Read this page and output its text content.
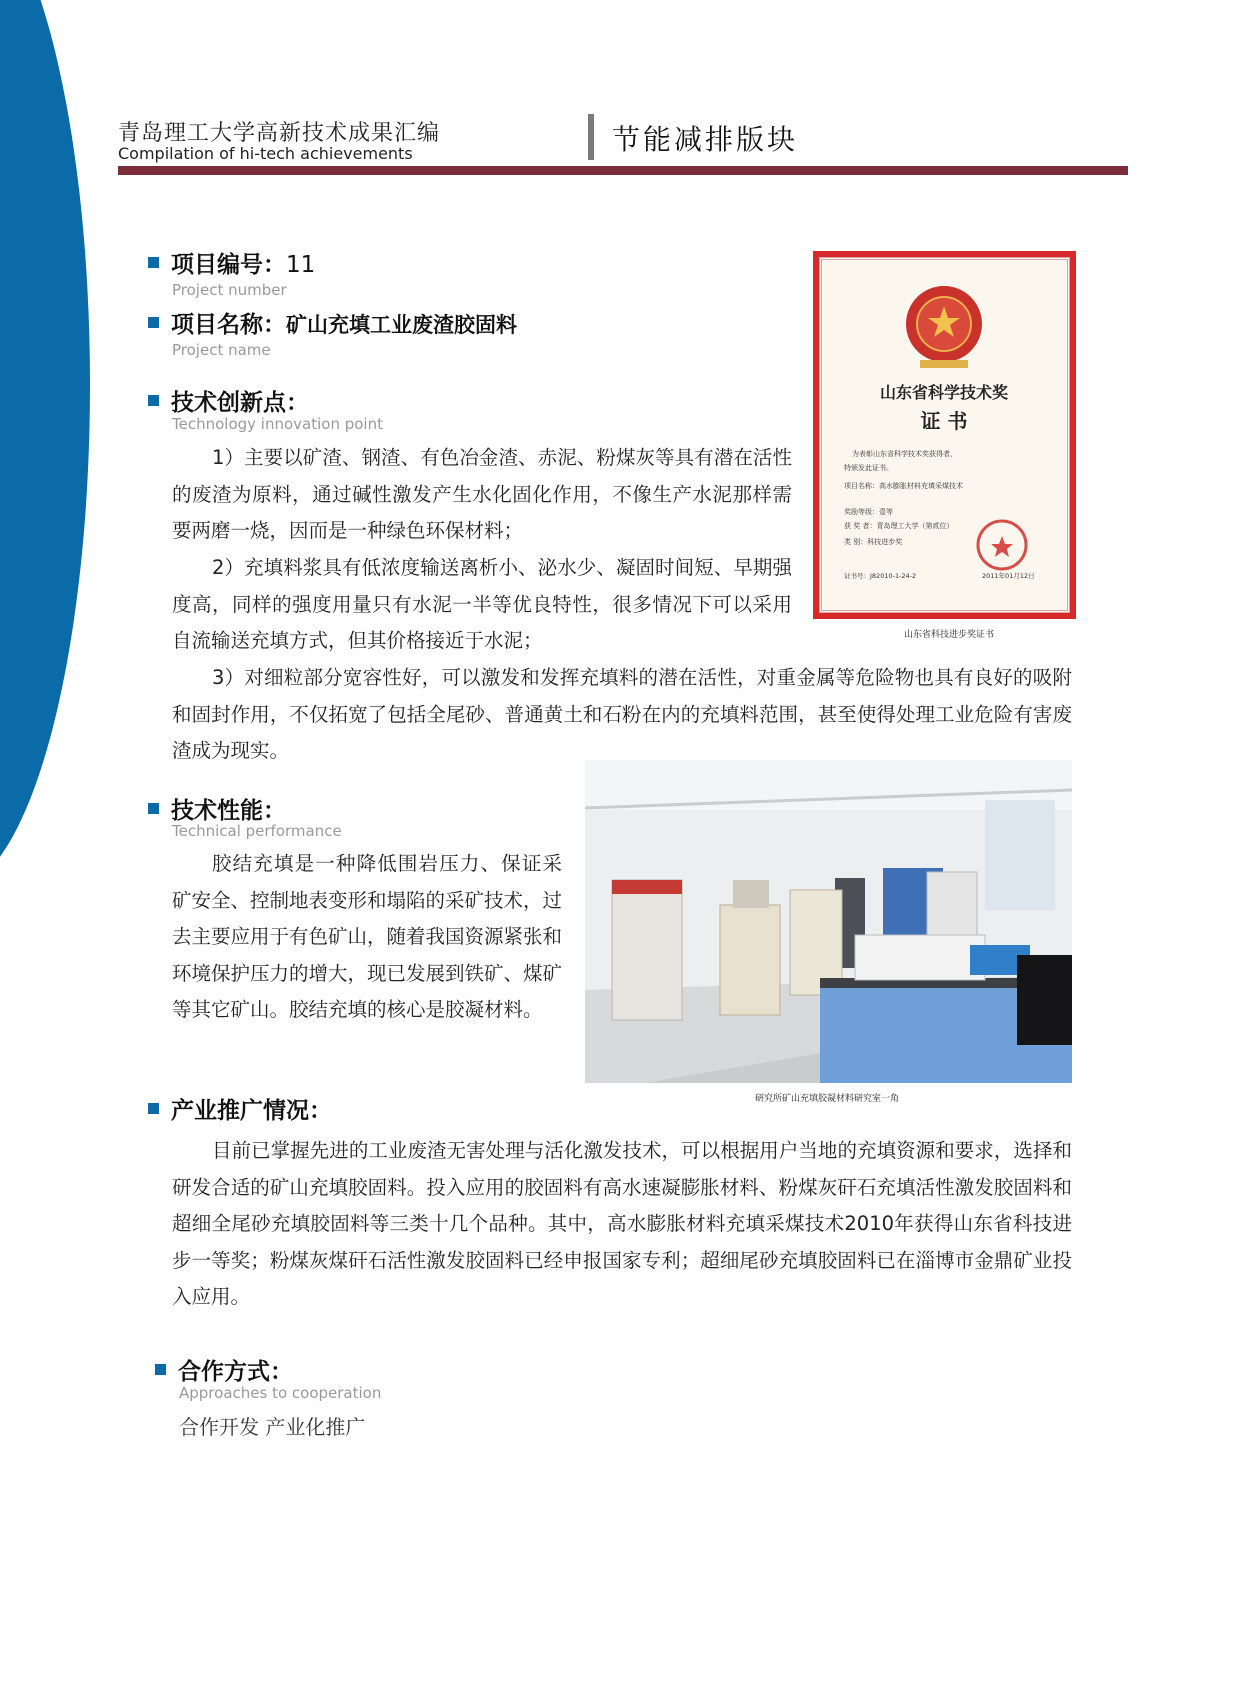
青岛理工大学高新技术成果汇编
Compilation of hi-tech achievements	节能减排版块
项目编号：11
Project number
项目名称：矿山充填工业废渣胶固料
Project name
技术创新点：
Technology innovation point

1）主要以矿渣、钢渣、有色冶金渣、赤泥、粉煤灰等具有潜在活性的废渣为原料，通过碱性激发产生水化固化作用，不像生产水泥那样需要两磨一烧，因而是一种绿色环保材料；

2）充填料浆具有低浓度输送离析小、泌水少、凝固时间短、早期强度高，同样的强度用量只有水泥一半等优良特性，很多情况下可以采用自流输送充填方式，但其价格接近于水泥；

3）对细粒部分宽容性好，可以激发和发挥充填料的潜在活性，对重金属等危险物也具有良好的吸附和固封作用，不仅拓宽了包括全尾砂、普通黄土和石粉在内的充填料范围，甚至使得处理工业危险有害废渣成为现实。

山东省科学技术奖
证 书
为表彰山东省科学技术奖获得者，
特颁发此证书。
项目名称：高水膨胀材料充填采煤技术
奖励等级：壹等
获 奖 者：青岛理工大学（第贰位）
类 别：科技进步奖
证书号：J82010-1-24-2	2011年01月12日
山东省科技进步奖证书
技术性能：
Technical performance

胶结充填是一种降低围岩压力、保证采矿安全、控制地表变形和塌陷的采矿技术，过去主要应用于有色矿山，随着我国资源紧张和环境保护压力的增大，现已发展到铁矿、煤矿等其它矿山。胶结充填的核心是胶凝材料。

研究所矿山充填胶凝材料研究室一角
产业推广情况：

目前已掌握先进的工业废渣无害处理与活化激发技术，可以根据用户当地的充填资源和要求，选择和研发合适的矿山充填胶固料。投入应用的胶固料有高水速凝膨胀材料、粉煤灰矸石充填活性激发胶固料和超细全尾砂充填胶固料等三类十几个品种。其中，高水膨胀材料充填采煤技术2010年获得山东省科技进步一等奖；粉煤灰煤矸石活性激发胶固料已经申报国家专利；超细尾砂充填胶固料已在淄博市金鼎矿业投入应用。

合作方式：
Approaches to cooperation
合作开发 产业化推广
